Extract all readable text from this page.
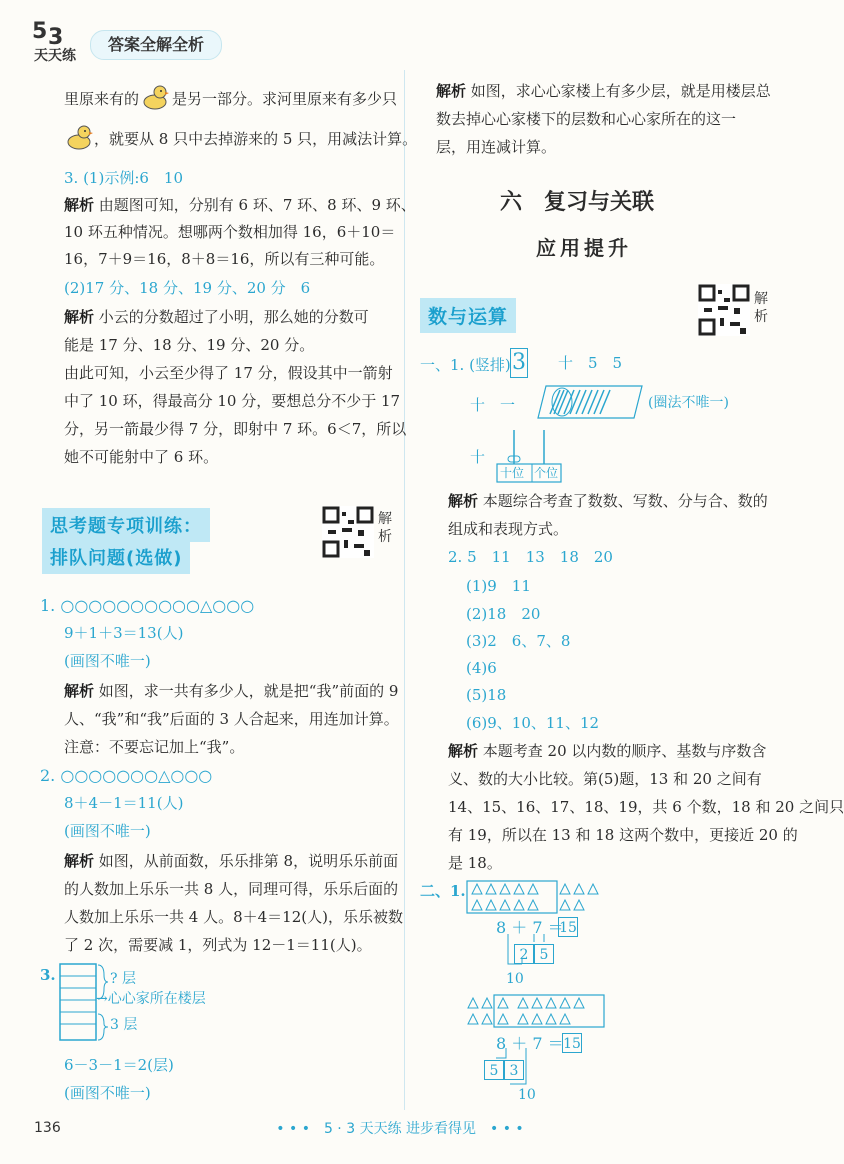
5 3
天天练
答案全解全析
里原来有的 是另一部分。求河里原来有多少只
，就要从 8 只中去掉游来的 5 只，用减法计算。
3. (1)示例:6　10
解析 由题图可知，分别有 6 环、7 环、8 环、9 环、
10 环五种情况。想哪两个数相加得 16，6＋10＝
16，7＋9＝16，8＋8＝16，所以有三种可能。
(2)17 分、18 分、19 分、20 分　6
解析 小云的分数超过了小明，那么她的分数可
能是 17 分、18 分、19 分、20 分。
由此可知，小云至少得了 17 分，假设其中一箭射
中了 10 环，得最高分 10 分，要想总分不少于 17
分，另一箭最少得 7 分，即射中 7 环。6＜7，所以
她不可能射中了 6 环。
思考题专项训练：
排队问题(选做)
解析
1. ○○○○○○○○○○△○○○
9＋1＋3＝13(人)
(画图不唯一)
解析 如图，求一共有多少人，就是把“我”前面的 9
人、“我”和“我”后面的 3 人合起来，用连加计算。
注意：不要忘记加上“我”。
2. ○○○○○○○△○○○
8＋4－1＝11(人)
(画图不唯一)
解析 如图，从前面数，乐乐排第 8，说明乐乐前面
的人数加上乐乐一共 8 人，同理可得，乐乐后面的
人数加上乐乐一共 4 人。8＋4＝12(人)，乐乐被数
了 2 次，需要减 1，列式为 12－1＝11(人)。
3.	? 层
→心心家所在楼层
3 层
6－3－1＝2(层)
(画图不唯一)
解析 如图，求心心家楼上有多少层，就是用楼层总
数去掉心心家楼下的层数和心心家所在的这一
层，用连减计算。
六　复习与关联
应用提升
数与运算
解析
一、1. (竖排) 3 十　5　5
十　一	(圈法不唯一)
十
十位 个位
解析 本题综合考查了数数、写数、分与合、数的
组成和表现方式。
2. 5　11　13　18　20
(1)9　11
(2)18　20
(3)2　6、7、8
(4)6
(5)18
(6)9、10、11、12
解析 本题考查 20 以内数的顺序、基数与序数含
义、数的大小比较。第(5)题，13 和 20 之间有
14、15、16、17、18、19，共 6 个数，18 和 20 之间只
有 19，所以在 13 和 18 这两个数中，更接近 20 的
是 18。
二、1.
8 ＋ 7 ＝
15
2 5
10
8 ＋ 7 ＝ 15
5 3
10
136	• • •　5 · 3 天天练 进步看得见　• • •
